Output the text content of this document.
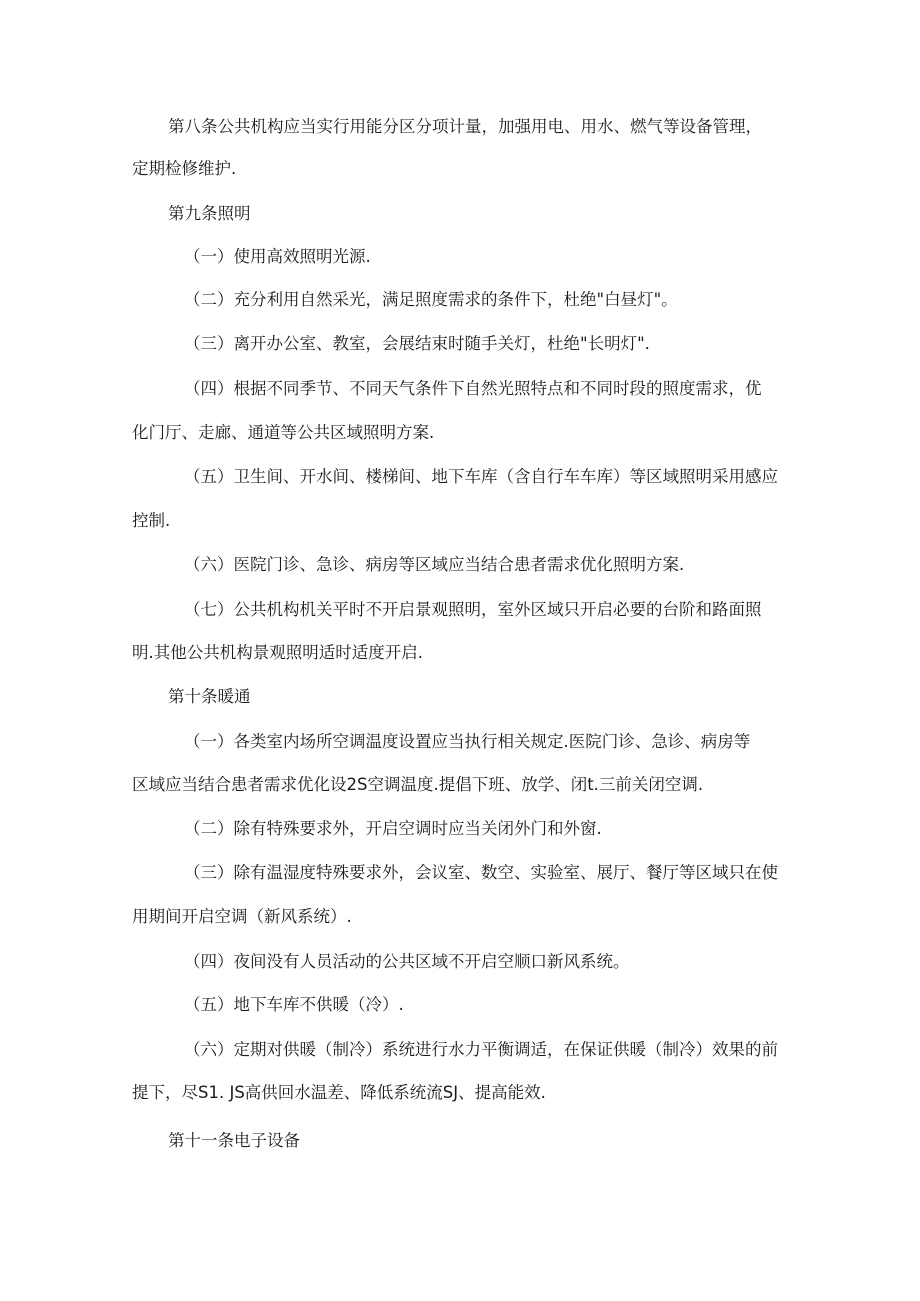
第八条公共机构应当实行用能分区分项计量，加强用电、用水、燃气等设备管理，
定期检修维护.
第九条照明
（一）使用高效照明光源.
（二）充分利用自然采光，满足照度需求的条件下，杜绝"白昼灯"。
（三）离开办公室、教室，会展结束时随手关灯，杜绝"长明灯"．
（四）根据不同季节、不同天气条件下自然光照特点和不同时段的照度需求，优
化门厅、走廊、通道等公共区域照明方案.
（五）卫生间、开水间、楼梯间、地下车库（含自行车车库）等区域照明采用感应
控制.
（六）医院门诊、急诊、病房等区域应当结合患者需求优化照明方案.
（七）公共机构机关平时不开启景观照明，室外区域只开启必要的台阶和路面照
明.其他公共机构景观照明适时适度开启.
第十条暖通
（一）各类室内场所空调温度设置应当执行相关规定.医院门诊、急诊、病房等
区域应当结合患者需求优化设2S空调温度.提倡下班、放学、闭t.三前关闭空调.
（二）除有特殊要求外，开启空调时应当关闭外门和外窗.
（三）除有温湿度特殊要求外，会议室、数空、实验室、展厅、餐厅等区域只在使
用期间开启空调（新风系统）.
（四）夜间没有人员活动的公共区域不开启空顺口新风系统。
（五）地下车库不供暖（冷）.
（六）定期对供暖（制冷）系统进行水力平衡调适，在保证供暖（制冷）效果的前
提下，尽S1. JS高供回水温差、降低系统流SJ、提高能效.
第十一条电子设备
